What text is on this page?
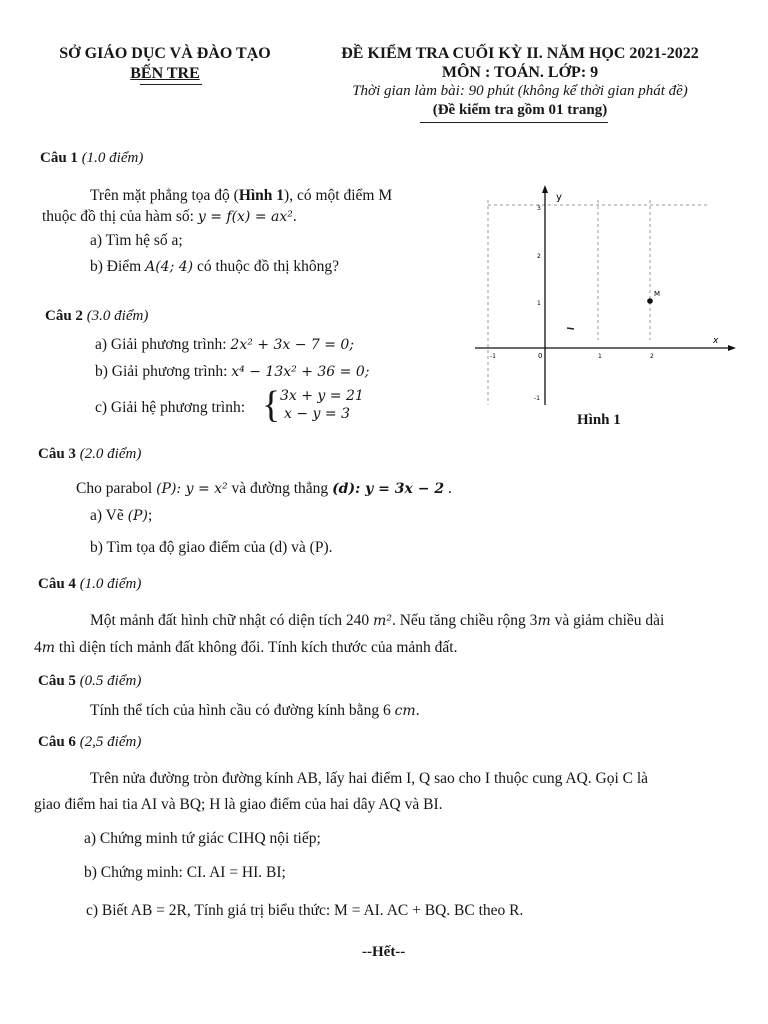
SỞ GIÁO DỤC VÀ ĐÀO TẠO
BẾN TRE
ĐỀ KIỂM TRA CUỐI KỲ II. NĂM HỌC 2021-2022
MÔN : TOÁN. LỚP: 9
Thời gian làm bài: 90 phút (không kể thời gian phát đề)
(Đề kiểm tra gồm 01 trang)
Câu 1 (1.0 điểm)
Trên mặt phẳng tọa độ (Hình 1), có một điểm M
thuộc đồ thị của hàm số: y = f(x) = ax².
a) Tìm hệ số a;
b) Điểm A(4; 4) có thuộc đồ thị không?
Câu 2 (3.0 điểm)
a) Giải phương trình: 2x² + 3x − 7 = 0;
b) Giải phương trình: x⁴ − 13x² + 36 = 0;
c) Giải hệ phương trình: { 3x + y = 21
x − y = 3
y
x
0
-1	1	2
3
2
1
-1
M
Hình 1
Câu 3 (2.0 điểm)
Cho parabol (P): y = x² và đường thẳng (d): y = 3x − 2 .
a) Vẽ (P);
b) Tìm tọa độ giao điểm của (d) và (P).
Câu 4 (1.0 điểm)
Một mảnh đất hình chữ nhật có diện tích 240 m². Nếu tăng chiều rộng 3m và giảm chiều dài
4m thì diện tích mảnh đất không đổi. Tính kích thước của mảnh đất.
Câu 5 (0.5 điểm)
Tính thể tích của hình cầu có đường kính bằng 6 cm.
Câu 6 (2,5 điểm)
Trên nửa đường tròn đường kính AB, lấy hai điểm I, Q sao cho I thuộc cung AQ. Gọi C là
giao điểm hai tia AI và BQ; H là giao điểm của hai dây AQ và BI.
a) Chứng minh tứ giác CIHQ nội tiếp;
b) Chứng minh: CI. AI = HI. BI;
c) Biết AB = 2R, Tính giá trị biểu thức: M = AI. AC + BQ. BC theo R.
--Hết--
